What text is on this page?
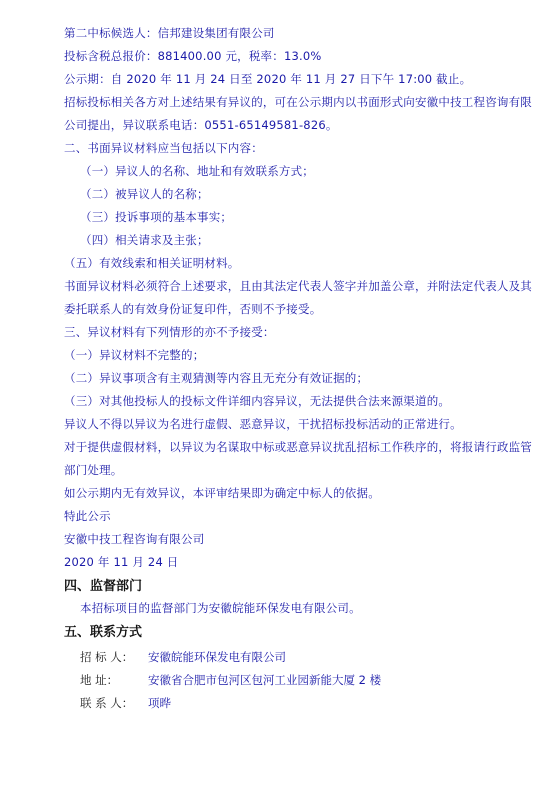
第二中标候选人：信邦建设集团有限公司
投标含税总报价：881400.00 元，税率：13.0%
公示期：自 2020 年 11 月 24 日至 2020 年 11 月 27 日下午 17:00 截止。
招标投标相关各方对上述结果有异议的，可在公示期内以书面形式向安徽中技工程咨询有限
公司提出，异议联系电话：0551-65149581-826。
二、书面异议材料应当包括以下内容：
（一）异议人的名称、地址和有效联系方式；
（二）被异议人的名称；
（三）投诉事项的基本事实；
（四）相关请求及主张；
（五）有效线索和相关证明材料。
书面异议材料必须符合上述要求，且由其法定代表人签字并加盖公章，并附法定代表人及其
委托联系人的有效身份证复印件，否则不予接受。
三、异议材料有下列情形的亦不予接受：
（一）异议材料不完整的；
（二）异议事项含有主观猜测等内容且无充分有效证据的；
（三）对其他投标人的投标文件详细内容异议，无法提供合法来源渠道的。
异议人不得以异议为名进行虚假、恶意异议，干扰招标投标活动的正常进行。
对于提供虚假材料，以异议为名谋取中标或恶意异议扰乱招标工作秩序的，将报请行政监管
部门处理。
如公示期内无有效异议，本评审结果即为确定中标人的依据。
特此公示
安徽中技工程咨询有限公司
2020 年 11 月 24 日
四、监督部门
本招标项目的监督部门为安徽皖能环保发电有限公司。
五、联系方式
招 标 人： 安徽皖能环保发电有限公司
地 址：	安徽省合肥市包河区包河工业园新能大厦 2 楼
联 系 人： 项晔
